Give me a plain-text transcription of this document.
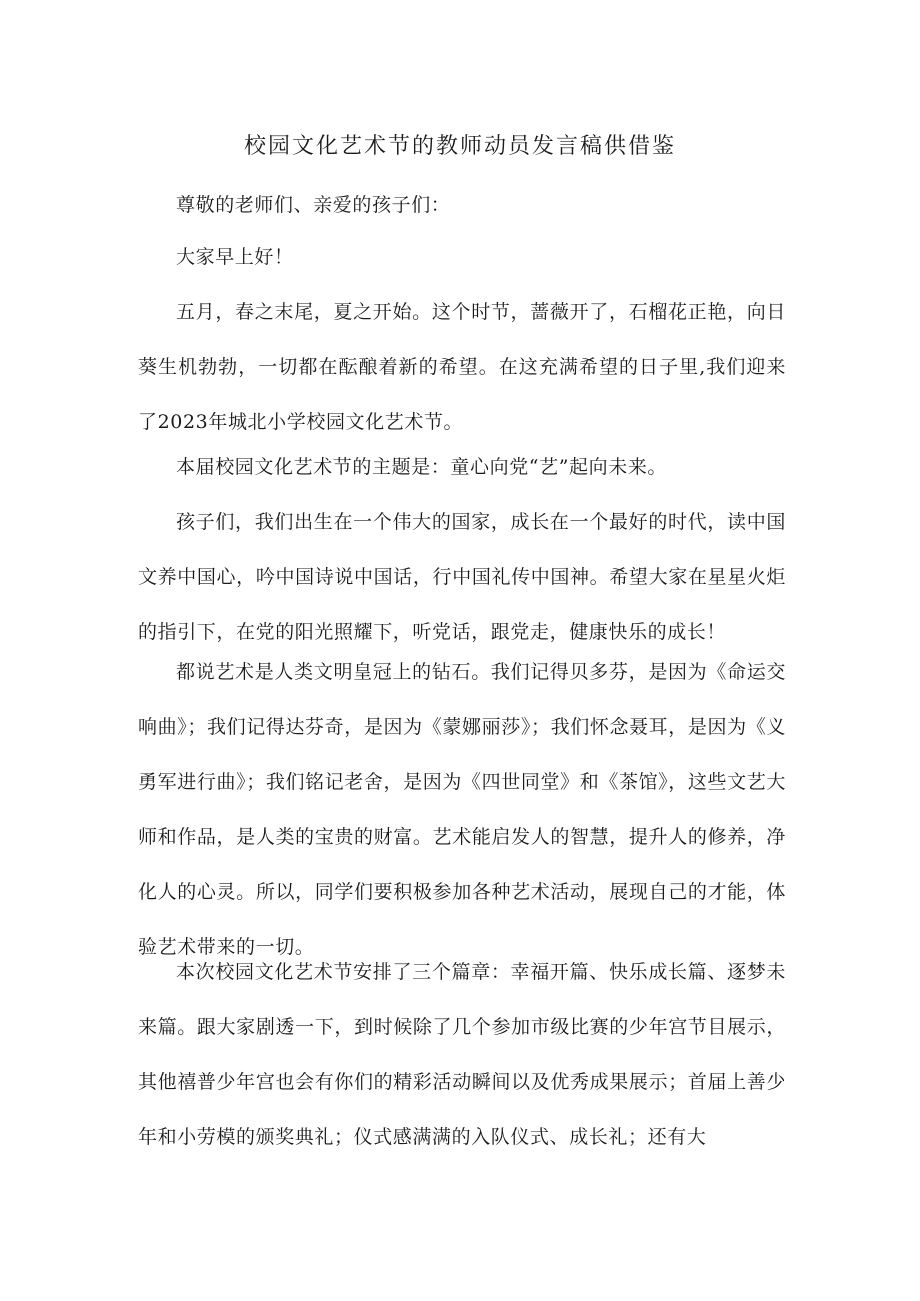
校园文化艺术节的教师动员发言稿供借鉴

尊敬的老师们、亲爱的孩子们：

大家早上好！

五月，春之末尾，夏之开始。这个时节，蔷薇开了，石榴花正艳，向日葵生机勃勃，一切都在酝酿着新的希望。在这充满希望的日子里,我们迎来了2023年城北小学校园文化艺术节。

本届校园文化艺术节的主题是：童心向党“艺”起向未来。

孩子们，我们出生在一个伟大的国家，成长在一个最好的时代，读中国文养中国心，吟中国诗说中国话，行中国礼传中国神。希望大家在星星火炬的指引下，在党的阳光照耀下，听党话，跟党走，健康快乐的成长！

都说艺术是人类文明皇冠上的钻石。我们记得贝多芬，是因为《命运交响曲》；我们记得达芬奇，是因为《蒙娜丽莎》；我们怀念聂耳，是因为《义勇军进行曲》；我们铭记老舍，是因为《四世同堂》和《茶馆》，这些文艺大师和作品，是人类的宝贵的财富。艺术能启发人的智慧，提升人的修养，净化人的心灵。所以，同学们要积极参加各种艺术活动，展现自己的才能，体验艺术带来的一切。

本次校园文化艺术节安排了三个篇章：幸福开篇、快乐成长篇、逐梦未来篇。跟大家剧透一下，到时候除了几个参加市级比赛的少年宫节目展示，其他禧普少年宫也会有你们的精彩活动瞬间以及优秀成果展示；首届上善少年和小劳模的颁奖典礼；仪式感满满的入队仪式、成长礼；还有大
